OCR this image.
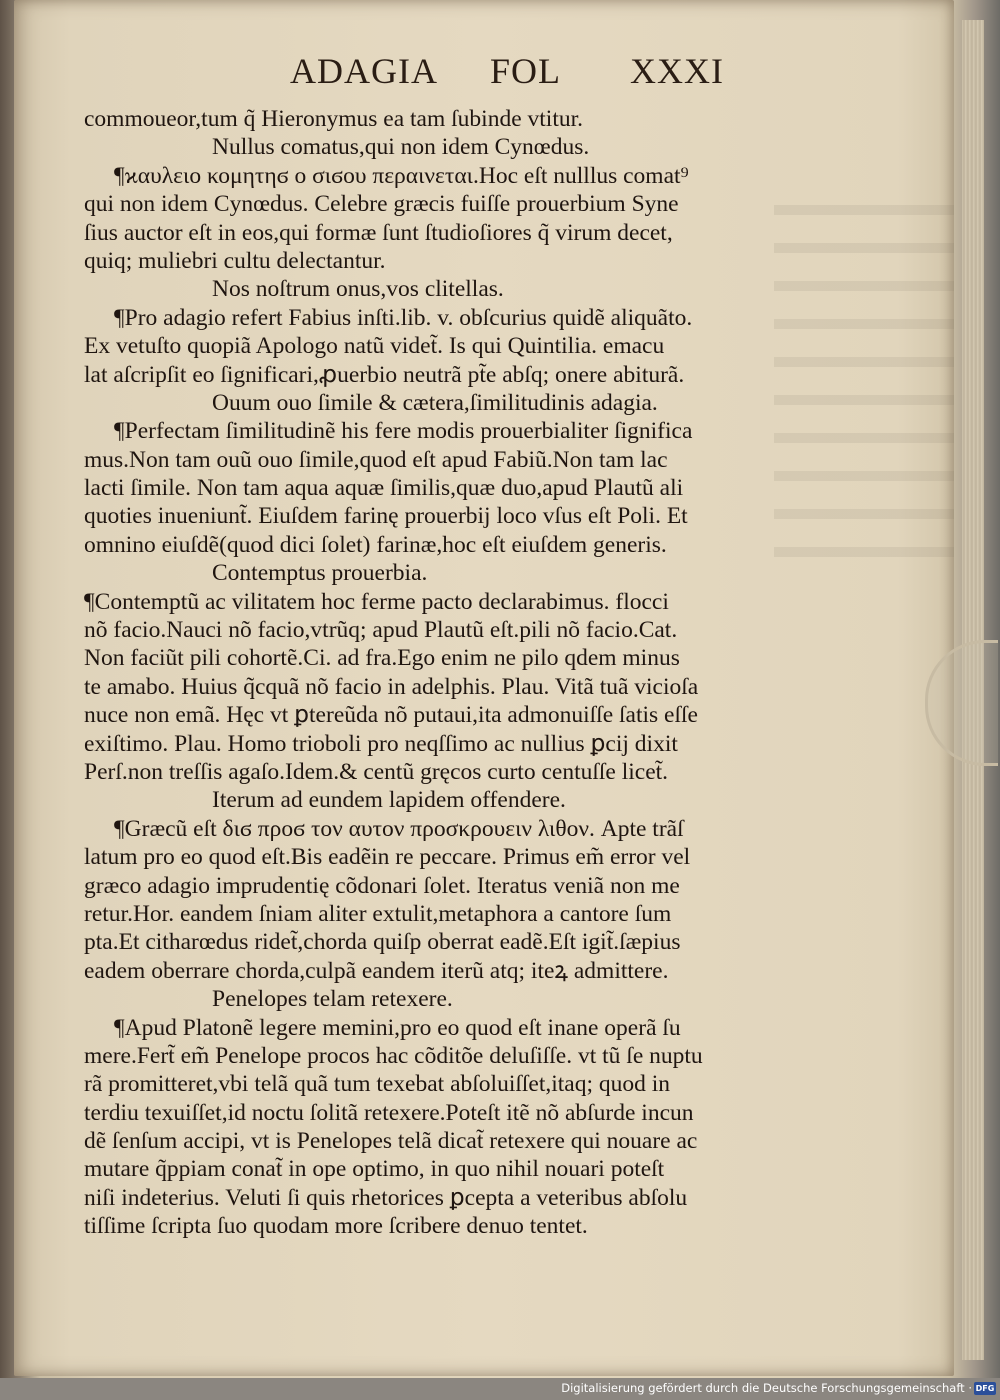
ADAGIA FOL XXXI
commoueor,tum q̃ Hieronymus ea tam ſubinde vtitur.
Nullus comatus,qui non idem Cynœdus.
¶ϰαυλειο κομητηϭ ο σιϭου περαινεται.Hoc eſt nulllus comat⁹
qui non idem Cynœdus. Celebre græcis fuiſſe prouerbium Syne
ſius auctor eſt in eos,qui formæ ſunt ſtudioſiores q̃ virum decet,
quiq; muliebri cultu delectantur.
Nos noſtrum onus,vos clitellas.
¶Pro adagio refert Fabius inſti.lib. v. obſcurius quidẽ aliquãto.
Ex vetuſto quopiã Apologo natũ videt̃. Is qui Quintilia. emacu
lat aſcripſit eo ſignificari,ꝓuerbio neutrã pt̃e abſq; onere abiturã.
Ouum ouo ſimile & cætera,ſimilitudinis adagia.
¶Perfectam ſimilitudinẽ his fere modis prouerbialiter ſignifica
mus.Non tam ouũ ouo ſimile,quod eſt apud Fabiũ.Non tam lac
lacti ſimile. Non tam aqua aquæ ſimilis,quæ duo,apud Plautũ ali
quoties inueniunt̃. Eiuſdem farinę prouerbij loco vſus eſt Poli. Et
omnino eiuſdẽ(quod dici ſolet) farinæ,hoc eſt eiuſdem generis.
Contemptus prouerbia.
¶Contemptũ ac vilitatem hoc ferme pacto declarabimus. flocci
nõ facio.Nauci nõ facio,vtrũq; apud Plautũ eſt.pili nõ facio.Cat.
Non faciũt pili cohortẽ.Ci. ad fra.Ego enim ne pilo qdem minus
te amabo. Huius q̃cquã nõ facio in adelphis. Plau. Vitã tuã vicioſa
nuce non emã. Hęc vt ꝑtereũda nõ putaui,ita admonuiſſe ſatis eſſe
exiſtimo. Plau. Homo trioboli pro neqſſimo ac nullius ꝑcij dixit
Perſ.non treſſis agaſo.Idem.& centũ gręcos curto centuſſe licet̃.
Iterum ad eundem lapidem offendere.
¶Græcũ eſt διϭ προϭ τον αυτον προσκρουειν λιθον. Apte trãſ
latum pro eo quod eſt.Bis eadẽin re peccare. Primus em̃ error vel
græco adagio imprudentię cõdonari ſolet. Iteratus veniã non me
retur.Hor. eandem ſniam aliter extulit,metaphora a cantore ſum
pta.Et citharœdus ridet̃,chorda quiſp oberrat eadẽ.Eſt igit̃.ſæpius
eadem oberrare chorda,culpã eandem iterũ atq; iteꝝ admittere.
Penelopes telam retexere.
¶Apud Platonẽ legere memini,pro eo quod eſt inane operã ſu
mere.Fert̃ em̃ Penelope procos hac cõditõe deluſiſſe. vt tũ ſe nuptu
rã promitteret,vbi telã quã tum texebat abſoluiſſet,itaq; quod in
terdiu texuiſſet,id noctu ſolitã retexere.Poteſt itẽ nõ abſurde incun
dẽ ſenſum accipi, vt is Penelopes telã dicat̃ retexere qui nouare ac
mutare q̃ppiam conat̃ in ope optimo, in quo nihil nouari poteſt
niſi indeterius. Veluti ſi quis rhetorices ꝑcepta a veteribus abſolu
tiſſime ſcripta ſuo quodam more ſcribere denuo tentet.
Digitalisierung gefördert durch die Deutsche Forschungsgemeinschaft · DFG
